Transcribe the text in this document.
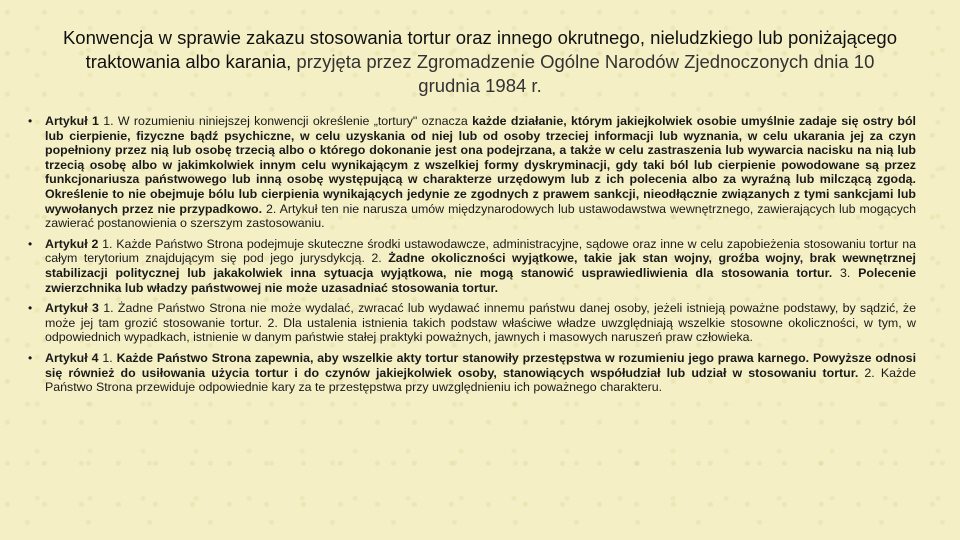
Konwencja w sprawie zakazu stosowania tortur oraz innego okrutnego, nieludzkiego lub poniżającego traktowania albo karania, przyjęta przez Zgromadzenie Ogólne Narodów Zjednoczonych dnia 10 grudnia 1984 r.
• Artykuł 1 1. W rozumieniu niniejszej konwencji określenie „tortury" oznacza każde działanie, którym jakiejkolwiek osobie umyślnie zadaje się ostry ból lub cierpienie, fizyczne bądź psychiczne, w celu uzyskania od niej lub od osoby trzeciej informacji lub wyznania, w celu ukarania jej za czyn popełniony przez nią lub osobę trzecią albo o którego dokonanie jest ona podejrzana, a także w celu zastraszenia lub wywarcia nacisku na nią lub trzecią osobę albo w jakimkolwiek innym celu wynikającym z wszelkiej formy dyskryminacji, gdy taki ból lub cierpienie powodowane są przez funkcjonariusza państwowego lub inną osobę występującą w charakterze urzędowym lub z ich polecenia albo za wyraźną lub milczącą zgodą. Określenie to nie obejmuje bólu lub cierpienia wynikających jedynie ze zgodnych z prawem sankcji, nieodłącznie związanych z tymi sankcjami lub wywołanych przez nie przypadkowo. 2. Artykuł ten nie narusza umów międzynarodowych lub ustawodawstwa wewnętrznego, zawierających lub mogących zawierać postanowienia o szerszym zastosowaniu.
• Artykuł 2 1. Każde Państwo Strona podejmuje skuteczne środki ustawodawcze, administracyjne, sądowe oraz inne w celu zapobieżenia stosowaniu tortur na całym terytorium znajdującym się pod jego jurysdykcją. 2. Żadne okoliczności wyjątkowe, takie jak stan wojny, groźba wojny, brak wewnętrznej stabilizacji politycznej lub jakakolwiek inna sytuacja wyjątkowa, nie mogą stanowić usprawiedliwienia dla stosowania tortur. 3. Polecenie zwierzchnika lub władzy państwowej nie może uzasadniać stosowania tortur.
• Artykuł 3 1. Żadne Państwo Strona nie może wydalać, zwracać lub wydawać innemu państwu danej osoby, jeżeli istnieją poważne podstawy, by sądzić, że może jej tam grozić stosowanie tortur. 2. Dla ustalenia istnienia takich podstaw właściwe władze uwzględniają wszelkie stosowne okoliczności, w tym, w odpowiednich wypadkach, istnienie w danym państwie stałej praktyki poważnych, jawnych i masowych naruszeń praw człowieka.
• Artykuł 4 1. Każde Państwo Strona zapewnia, aby wszelkie akty tortur stanowiły przestępstwa w rozumieniu jego prawa karnego. Powyższe odnosi się również do usiłowania użycia tortur i do czynów jakiejkolwiek osoby, stanowiących współudział lub udział w stosowaniu tortur. 2. Każde Państwo Strona przewiduje odpowiednie kary za te przestępstwa przy uwzględnieniu ich poważnego charakteru.
